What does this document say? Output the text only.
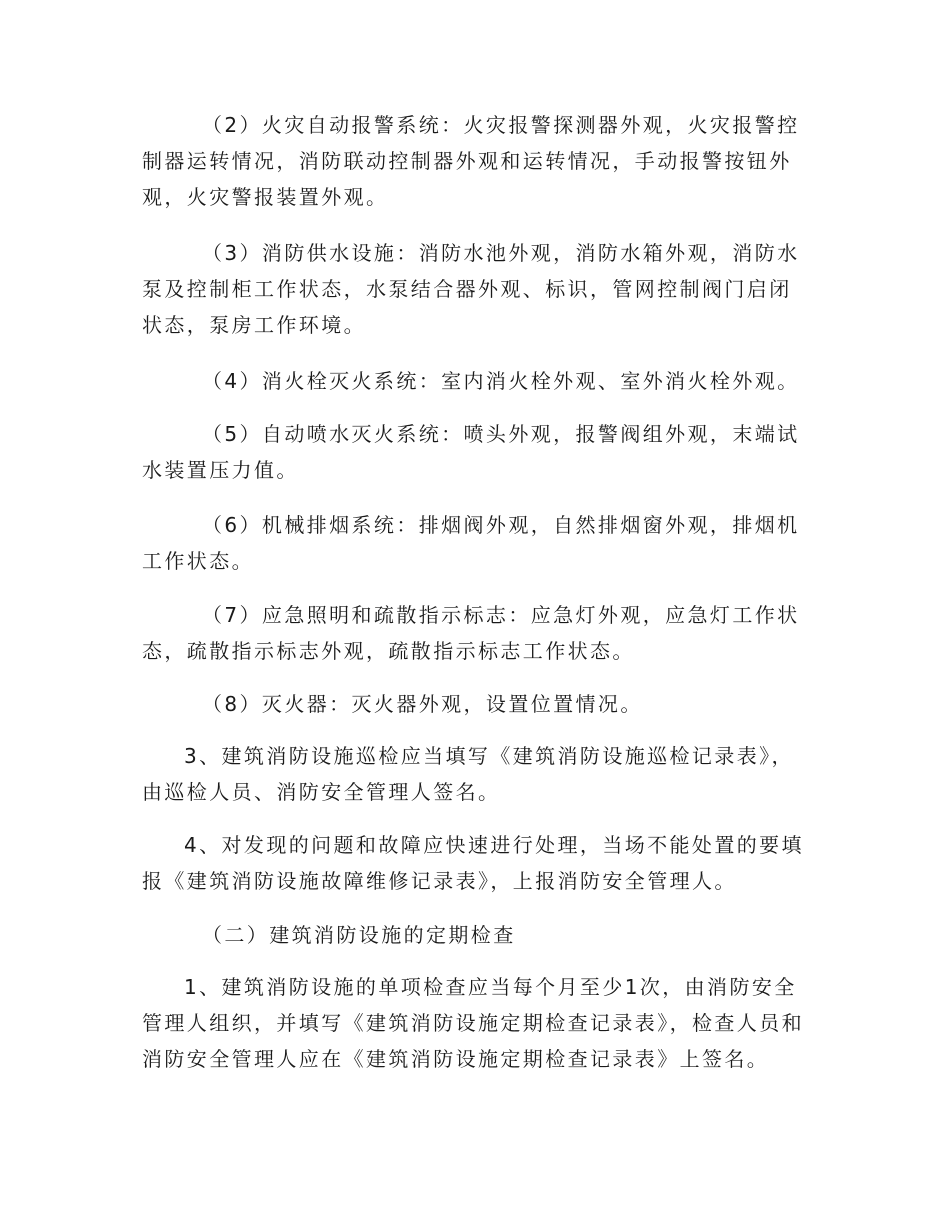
（2）火灾自动报警系统：火灾报警探测器外观，火灾报警控制器运转情况，消防联动控制器外观和运转情况，手动报警按钮外观，火灾警报装置外观。

（3）消防供水设施：消防水池外观，消防水箱外观，消防水泵及控制柜工作状态，水泵结合器外观、标识，管网控制阀门启闭状态，泵房工作环境。

（4）消火栓灭火系统：室内消火栓外观、室外消火栓外观。

（5）自动喷水灭火系统：喷头外观，报警阀组外观，末端试水装置压力值。

（6）机械排烟系统：排烟阀外观，自然排烟窗外观，排烟机工作状态。

（7）应急照明和疏散指示标志：应急灯外观，应急灯工作状态，疏散指示标志外观，疏散指示标志工作状态。

（8）灭火器：灭火器外观，设置位置情况。

3、建筑消防设施巡检应当填写《建筑消防设施巡检记录表》，由巡检人员、消防安全管理人签名。

4、对发现的问题和故障应快速进行处理，当场不能处置的要填报《建筑消防设施故障维修记录表》，上报消防安全管理人。

（二）建筑消防设施的定期检查

1、建筑消防设施的单项检查应当每个月至少1次，由消防安全管理人组织，并填写《建筑消防设施定期检查记录表》，检查人员和消防安全管理人应在《建筑消防设施定期检查记录表》上签名。
